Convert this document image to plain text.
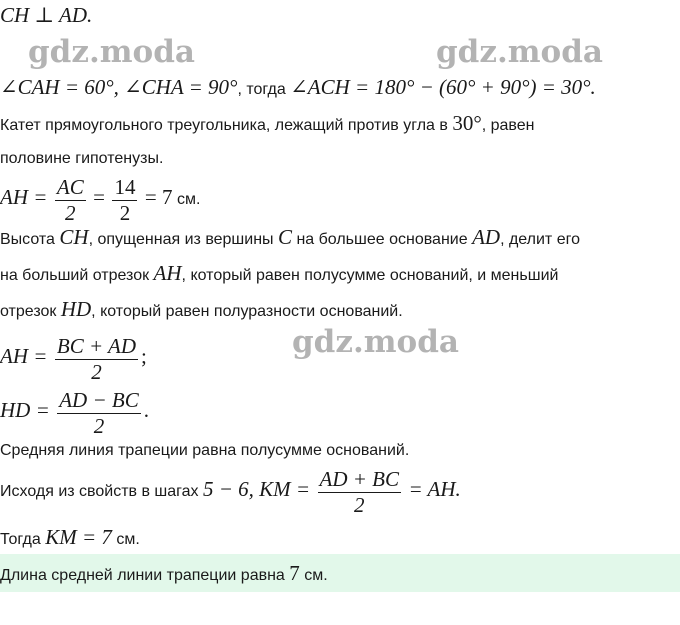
gdz.moda	gdz.moda
gdz.moda
CH ⊥ AD.
∠CAH = 60°, ∠CHA = 90°, тогда ∠ACH = 180° − (60° + 90°) = 30°.
Катет прямоугольного треугольника, лежащий против угла в 30°, равен
половине гипотенузы.
AH = $\frac{AC}{2} = \frac{14}{2} = 7$ см.
Высота CH, опущенная из вершины C на большее основание AD, делит его
на больший отрезок AH, который равен полусумме оснований, и меньший
отрезок HD, который равен полуразности оснований.
AH = $\frac{BC + AD}{2}$ ;
HD = $\frac{AD - BC}{2}$ .
Средняя линия трапеции равна полусумме оснований.
Исходя из свойств в шагах 5 − 6, KM = $\frac{AD + BC}{2}$ = AH.
Тогда KM = 7 см.
Длина средней линии трапеции равна 7 см.
